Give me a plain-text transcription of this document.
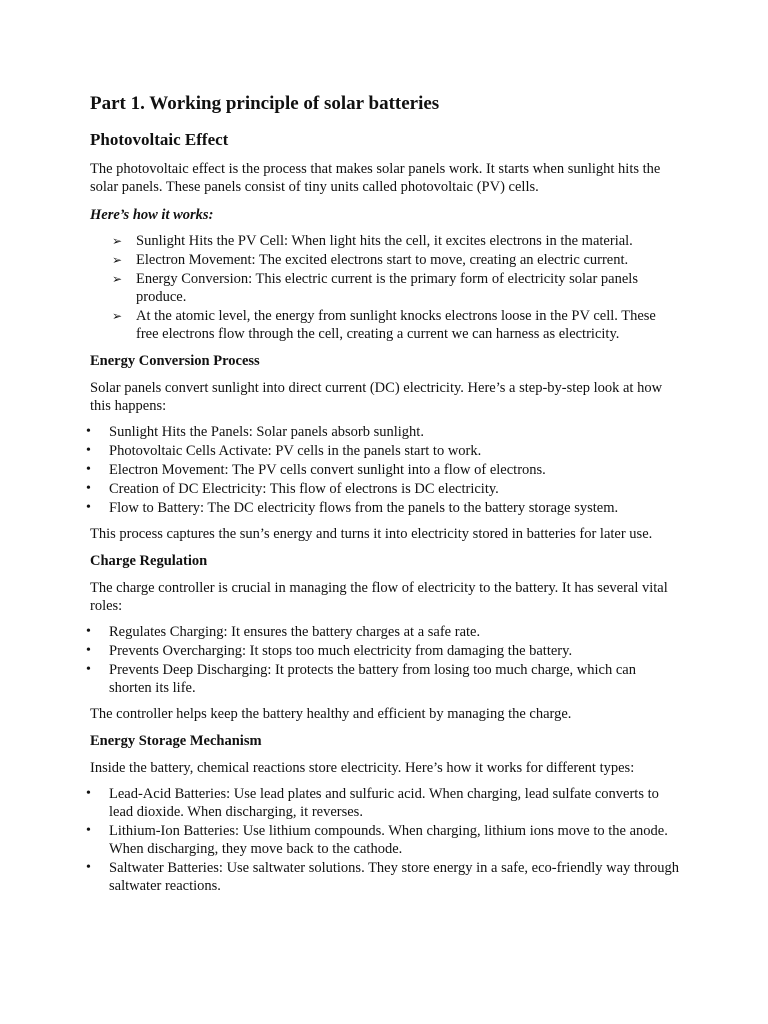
Part 1. Working principle of solar batteries
Photovoltaic Effect

The photovoltaic effect is the process that makes solar panels work. It starts when sunlight hits the solar panels. These panels consist of tiny units called photovoltaic (PV) cells.

Here’s how it works:

➢ Sunlight Hits the PV Cell: When light hits the cell, it excites electrons in the material.
➢ Electron Movement: The excited electrons start to move, creating an electric current.
➢ Energy Conversion: This electric current is the primary form of electricity solar panels produce.
➢ At the atomic level, the energy from sunlight knocks electrons loose in the PV cell. These free electrons flow through the cell, creating a current we can harness as electricity.
Energy Conversion Process

Solar panels convert sunlight into direct current (DC) electricity. Here’s a step-by-step look at how this happens:

• Sunlight Hits the Panels: Solar panels absorb sunlight.
• Photovoltaic Cells Activate: PV cells in the panels start to work.
• Electron Movement: The PV cells convert sunlight into a flow of electrons.
• Creation of DC Electricity: This flow of electrons is DC electricity.
• Flow to Battery: The DC electricity flows from the panels to the battery storage system.

This process captures the sun’s energy and turns it into electricity stored in batteries for later use.

Charge Regulation

The charge controller is crucial in managing the flow of electricity to the battery. It has several vital roles:

• Regulates Charging: It ensures the battery charges at a safe rate.
• Prevents Overcharging: It stops too much electricity from damaging the battery.
• Prevents Deep Discharging: It protects the battery from losing too much charge, which can shorten its life.

The controller helps keep the battery healthy and efficient by managing the charge.

Energy Storage Mechanism

Inside the battery, chemical reactions store electricity. Here’s how it works for different types:

• Lead-Acid Batteries: Use lead plates and sulfuric acid. When charging, lead sulfate converts to lead dioxide. When discharging, it reverses.
• Lithium-Ion Batteries: Use lithium compounds. When charging, lithium ions move to the anode. When discharging, they move back to the cathode.
• Saltwater Batteries: Use saltwater solutions. They store energy in a safe, eco-friendly way through saltwater reactions.
